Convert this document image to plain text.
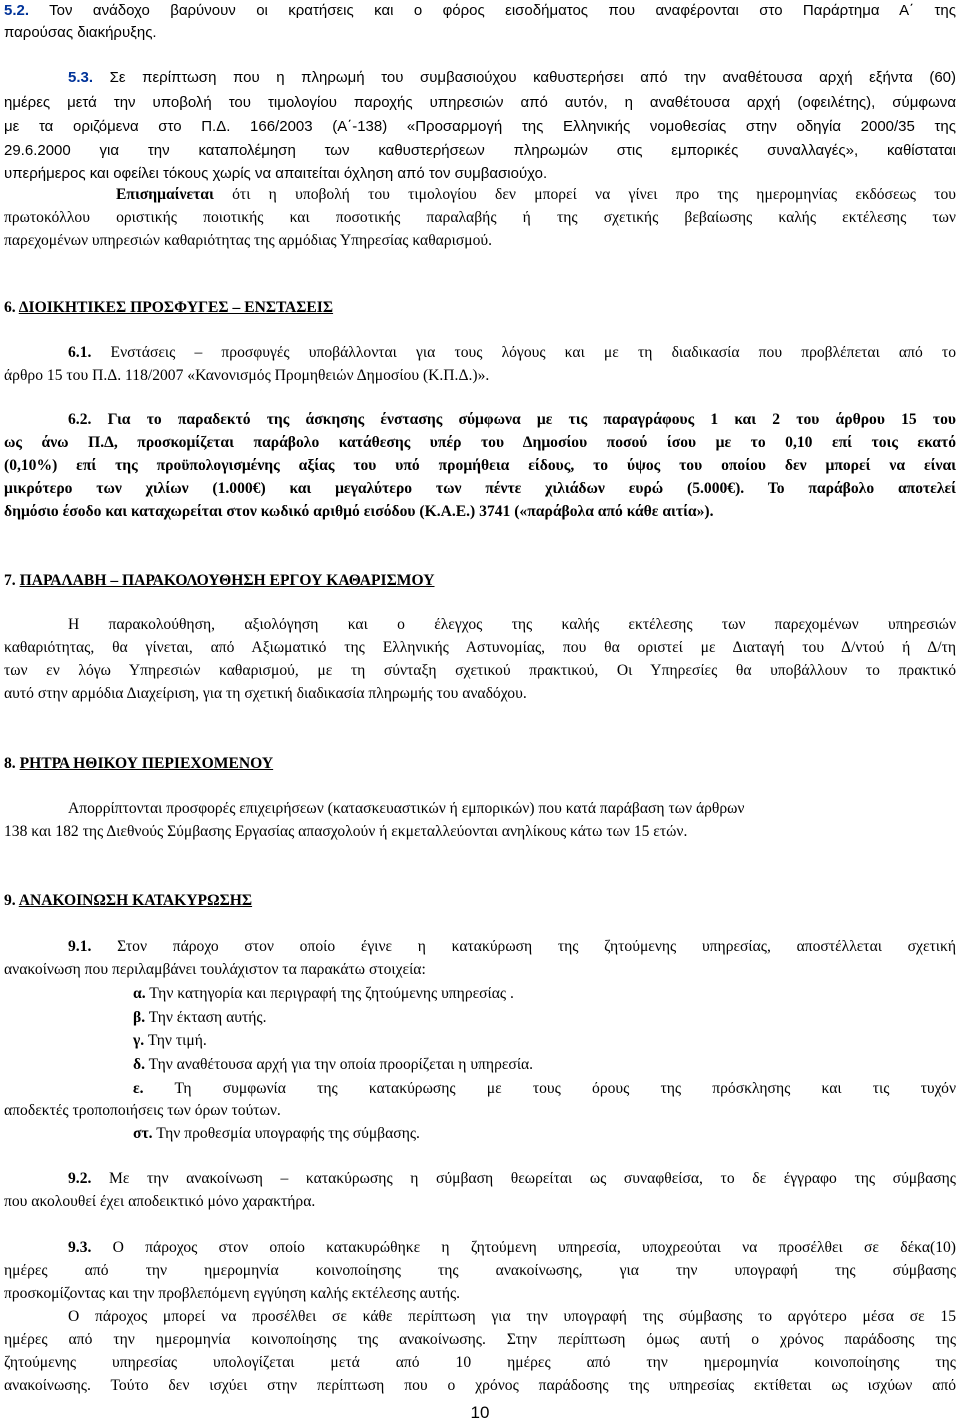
5.2. Τον ανάδοχο βαρύνουν οι κρατήσεις και ο φόρος εισοδήματος που αναφέρονται στο Παράρτημα Α΄ της
παρούσας διακήρυξης.
5.3. Σε περίπτωση που η πληρωμή του συμβασιούχου καθυστερήσει από την αναθέτουσα αρχή εξήντα (60)
ημέρες μετά την υποβολή του τιμολογίου παροχής υπηρεσιών από αυτόν, η αναθέτουσα αρχή (οφειλέτης), σύμφωνα
με τα οριζόμενα στο Π.Δ. 166/2003 (Α΄-138) «Προσαρμογή της Ελληνικής νομοθεσίας στην οδηγία 2000/35 της
29.6.2000 για την καταπολέμηση των καθυστερήσεων πληρωμών στις εμπορικές συναλλαγές», καθίσταται
υπερήμερος και οφείλει τόκους χωρίς να απαιτείται όχληση από τον συμβασιούχο.
Επισημαίνεται ότι η υποβολή του τιμολογίου δεν μπορεί να γίνει προ της ημερομηνίας εκδόσεως του
πρωτοκόλλου οριστικής ποιοτικής και ποσοτικής παραλαβής ή της σχετικής βεβαίωσης καλής εκτέλεσης των
παρεχομένων υπηρεσιών καθαριότητας της αρμόδιας Υπηρεσίας καθαρισμού.
6. ΔΙΟΙΚΗΤΙΚΕΣ ΠΡΟΣΦΥΓΕΣ – ΕΝΣΤΑΣΕΙΣ
6.1. Ενστάσεις – προσφυγές υποβάλλονται για τους λόγους και με τη διαδικασία που προβλέπεται από το
άρθρο 15 του Π.Δ. 118/2007 «Κανονισμός Προμηθειών Δημοσίου (Κ.Π.Δ.)».
6.2. Για το παραδεκτό της άσκησης ένστασης σύμφωνα με τις παραγράφους 1 και 2 του άρθρου 15 του
ως άνω Π.Δ, προσκομίζεται παράβολο κατάθεσης υπέρ του Δημοσίου ποσού ίσου με το 0,10 επί τοις εκατό
(0,10%) επί της προϋπολογισμένης αξίας του υπό προμήθεια είδους, το ύψος του οποίου δεν μπορεί να είναι
μικρότερο των χιλίων (1.000€) και μεγαλύτερο των πέντε χιλιάδων ευρώ (5.000€). Το παράβολο αποτελεί
δημόσιο έσοδο και καταχωρείται στον κωδικό αριθμό εισόδου (Κ.Α.Ε.) 3741 («παράβολα από κάθε αιτία»).
7. ΠΑΡΑΛΑΒΗ – ΠΑΡΑΚΟΛΟΥΘΗΣΗ ΕΡΓΟΥ ΚΑΘΑΡΙΣΜΟΥ
Η παρακολούθηση, αξιολόγηση και ο έλεγχος της καλής εκτέλεσης των παρεχομένων υπηρεσιών
καθαριότητας, θα γίνεται, από Αξιωματικό της Ελληνικής Αστυνομίας, που θα οριστεί με Διαταγή του Δ/ντού ή Δ/τη
των εν λόγω Υπηρεσιών καθαρισμού, με τη σύνταξη σχετικού πρακτικού, Οι Υπηρεσίες θα υποβάλλουν το πρακτικό
αυτό στην αρμόδια Διαχείριση, για τη σχετική διαδικασία πληρωμής του αναδόχου.
8. ΡΗΤΡΑ ΗΘΙΚΟΥ ΠΕΡΙΕΧΟΜΕΝΟΥ
Απορρίπτονται προσφορές επιχειρήσεων (κατασκευαστικών ή εμπορικών) που κατά παράβαση των άρθρων
138 και 182 της Διεθνούς Σύμβασης Εργασίας απασχολούν ή εκμεταλλεύονται ανηλίκους κάτω των 15 ετών.
9. ΑΝΑΚΟΙΝΩΣΗ ΚΑΤΑΚΥΡΩΣΗΣ
9.1. Στον πάροχο στον οποίο έγινε η κατακύρωση της ζητούμενης υπηρεσίας, αποστέλλεται σχετική
ανακοίνωση που περιλαμβάνει τουλάχιστον τα παρακάτω στοιχεία:
α. Την κατηγορία και περιγραφή της ζητούμενης υπηρεσίας .
β. Την έκταση αυτής.
γ. Την τιμή.
δ. Την αναθέτουσα αρχή για την οποία προορίζεται η υπηρεσία.
ε. Τη συμφωνία της κατακύρωσης με τους όρους της πρόσκλησης και τις τυχόν
αποδεκτές τροποποιήσεις των όρων τούτων.
στ. Την προθεσμία υπογραφής της σύμβασης.
9.2. Με την ανακοίνωση – κατακύρωσης η σύμβαση θεωρείται ως συναφθείσα, το δε έγγραφο της σύμβασης
που ακολουθεί έχει αποδεικτικό μόνο χαρακτήρα.
9.3. Ο πάροχος στον οποίο κατακυρώθηκε η ζητούμενη υπηρεσία, υποχρεούται να προσέλθει σε δέκα(10)
ημέρες από την ημερομηνία κοινοποίησης της ανακοίνωσης, για την υπογραφή της σύμβασης
προσκομίζοντας και την προβλεπόμενη εγγύηση καλής εκτέλεσης αυτής.
Ο πάροχος μπορεί να προσέλθει σε κάθε περίπτωση για την υπογραφή της σύμβασης το αργότερο μέσα σε 15
ημέρες από την ημερομηνία κοινοποίησης της ανακοίνωσης. Στην περίπτωση όμως αυτή ο χρόνος παράδοσης της
ζητούμενης υπηρεσίας υπολογίζεται μετά από 10 ημέρες από την ημερομηνία κοινοποίησης της
ανακοίνωσης. Τούτο δεν ισχύει στην περίπτωση που ο χρόνος παράδοσης της υπηρεσίας εκτίθεται ως ισχύων από
10
